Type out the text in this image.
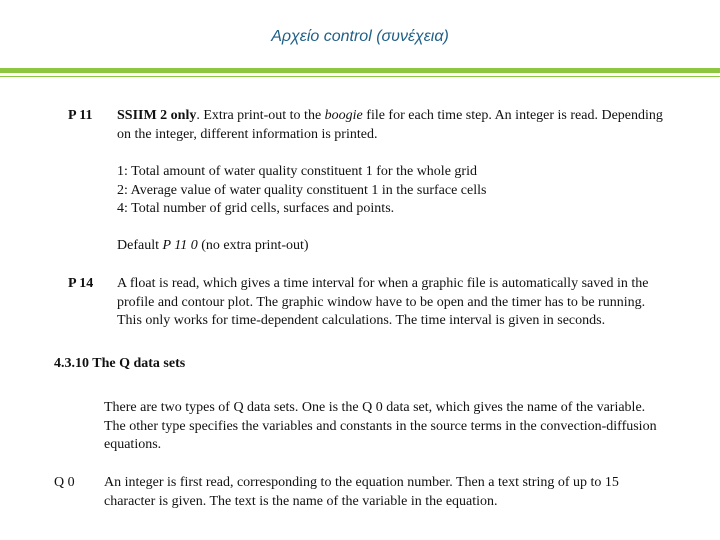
Αρχείο control (συνέχεια)
P 11 SSIIM 2 only. Extra print-out to the boogie file for each time step. An integer is read. Depending on the integer, different information is printed.

1: Total amount of water quality constituent 1 for the whole grid

2: Average value of water quality constituent 1 in the surface cells

4: Total number of grid cells, surfaces and points.

Default P 11 0 (no extra print-out)

P 14 A float is read, which gives a time interval for when a graphic file is automatically saved in the profile and contour plot. The graphic window have to be open and the timer has to be running. This only works for time-dependent calculations. The time interval is given in seconds.

4.3.10 The Q data sets

There are two types of Q data sets. One is the Q 0 data set, which gives the name of the variable. The other type specifies the variables and constants in the source terms in the convection-diffusion equations.

Q 0 An integer is first read, corresponding to the equation number. Then a text string of up to 15 character is given. The text is the name of the variable in the equation.
